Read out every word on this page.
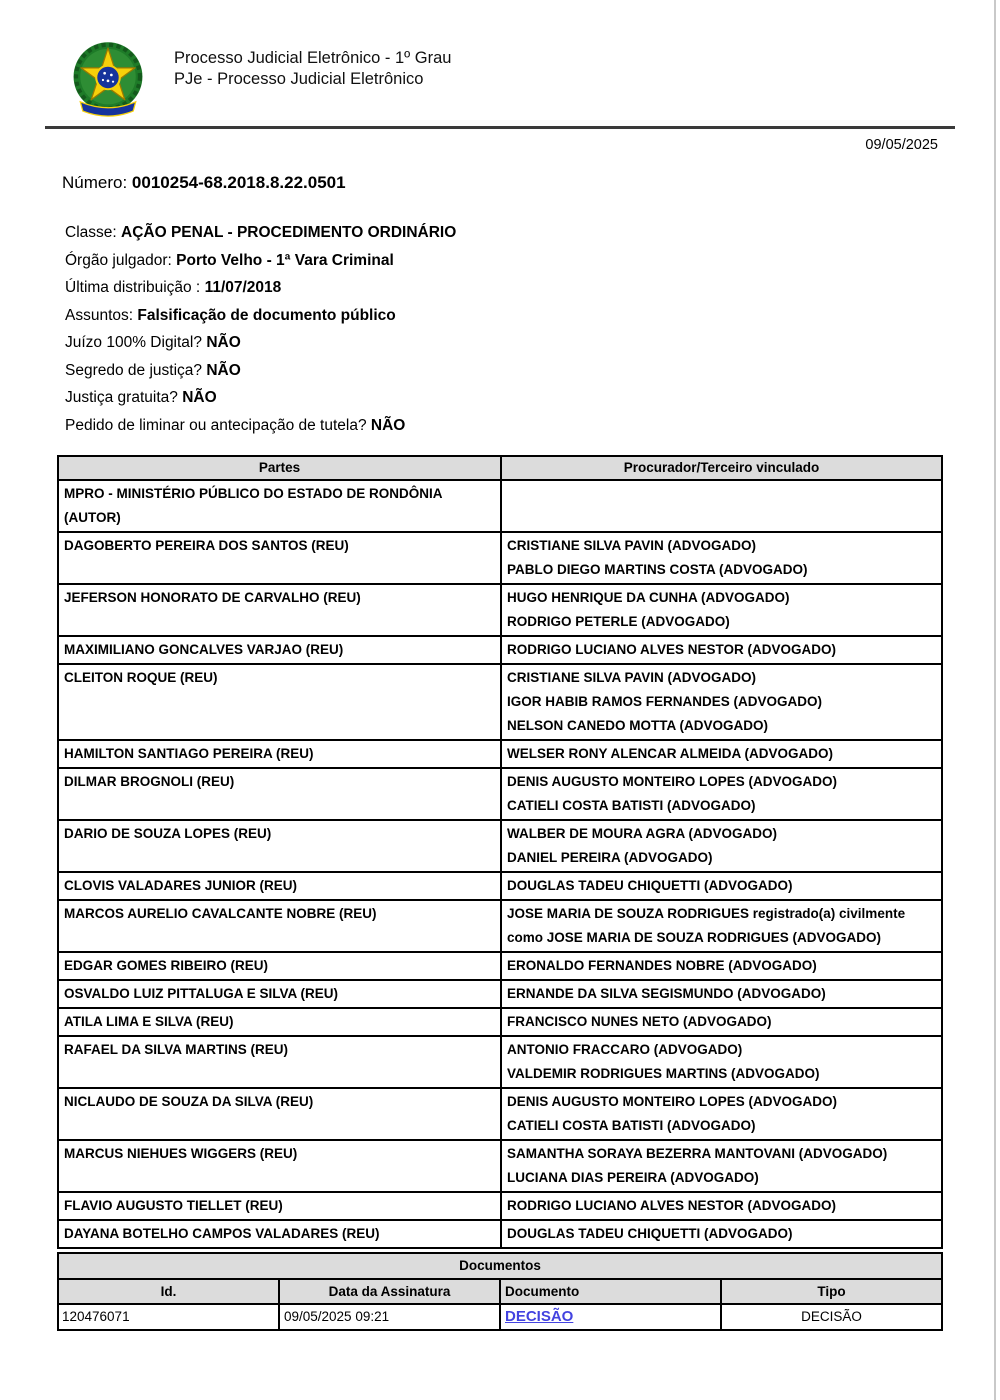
Processo Judicial Eletrônico - 1º Grau
PJe - Processo Judicial Eletrônico
09/05/2025
Número: 0010254-68.2018.8.22.0501
Classe: AÇÃO PENAL - PROCEDIMENTO ORDINÁRIO
Órgão julgador: Porto Velho - 1ª Vara Criminal
Última distribuição : 11/07/2018
Assuntos: Falsificação de documento público
Juízo 100% Digital? NÃO
Segredo de justiça? NÃO
Justiça gratuita? NÃO
Pedido de liminar ou antecipação de tutela? NÃO
Partes	Procurador/Terceiro vinculado
MPRO - MINISTÉRIO PÚBLICO DO ESTADO DE RONDÔNIA (AUTOR)	
DAGOBERTO PEREIRA DOS SANTOS (REU)	CRISTIANE SILVA PAVIN (ADVOGADO)
PABLO DIEGO MARTINS COSTA (ADVOGADO)

JEFERSON HONORATO DE CARVALHO (REU)	HUGO HENRIQUE DA CUNHA (ADVOGADO)
RODRIGO PETERLE (ADVOGADO)

MAXIMILIANO GONCALVES VARJAO (REU)	RODRIGO LUCIANO ALVES NESTOR (ADVOGADO)

CLEITON ROQUE (REU)	CRISTIANE SILVA PAVIN (ADVOGADO)
IGOR HABIB RAMOS FERNANDES (ADVOGADO)
NELSON CANEDO MOTTA (ADVOGADO)

HAMILTON SANTIAGO PEREIRA (REU)	WELSER RONY ALENCAR ALMEIDA (ADVOGADO)

DILMAR BROGNOLI (REU)	DENIS AUGUSTO MONTEIRO LOPES (ADVOGADO)
CATIELI COSTA BATISTI (ADVOGADO)

DARIO DE SOUZA LOPES (REU)	WALBER DE MOURA AGRA (ADVOGADO)
DANIEL PEREIRA (ADVOGADO)

CLOVIS VALADARES JUNIOR (REU)	DOUGLAS TADEU CHIQUETTI (ADVOGADO)

MARCOS AURELIO CAVALCANTE NOBRE (REU)	JOSE MARIA DE SOUZA RODRIGUES registrado(a) civilmente como JOSE MARIA DE SOUZA RODRIGUES (ADVOGADO)

EDGAR GOMES RIBEIRO (REU)	ERONALDO FERNANDES NOBRE (ADVOGADO)

OSVALDO LUIZ PITTALUGA E SILVA (REU)	ERNANDE DA SILVA SEGISMUNDO (ADVOGADO)

ATILA LIMA E SILVA (REU)	FRANCISCO NUNES NETO (ADVOGADO)

RAFAEL DA SILVA MARTINS (REU)	ANTONIO FRACCARO (ADVOGADO)
VALDEMIR RODRIGUES MARTINS (ADVOGADO)

NICLAUDO DE SOUZA DA SILVA (REU)	DENIS AUGUSTO MONTEIRO LOPES (ADVOGADO)
CATIELI COSTA BATISTI (ADVOGADO)

MARCUS NIEHUES WIGGERS (REU)	SAMANTHA SORAYA BEZERRA MANTOVANI (ADVOGADO)
LUCIANA DIAS PEREIRA (ADVOGADO)

FLAVIO AUGUSTO TIELLET (REU)	RODRIGO LUCIANO ALVES NESTOR (ADVOGADO)

DAYANA BOTELHO CAMPOS VALADARES (REU)	DOUGLAS TADEU CHIQUETTI (ADVOGADO)
Documentos			
Id.	Data da Assinatura	Documento	Tipo
120476071	09/05/2025 09:21	DECISÃO	DECISÃO
